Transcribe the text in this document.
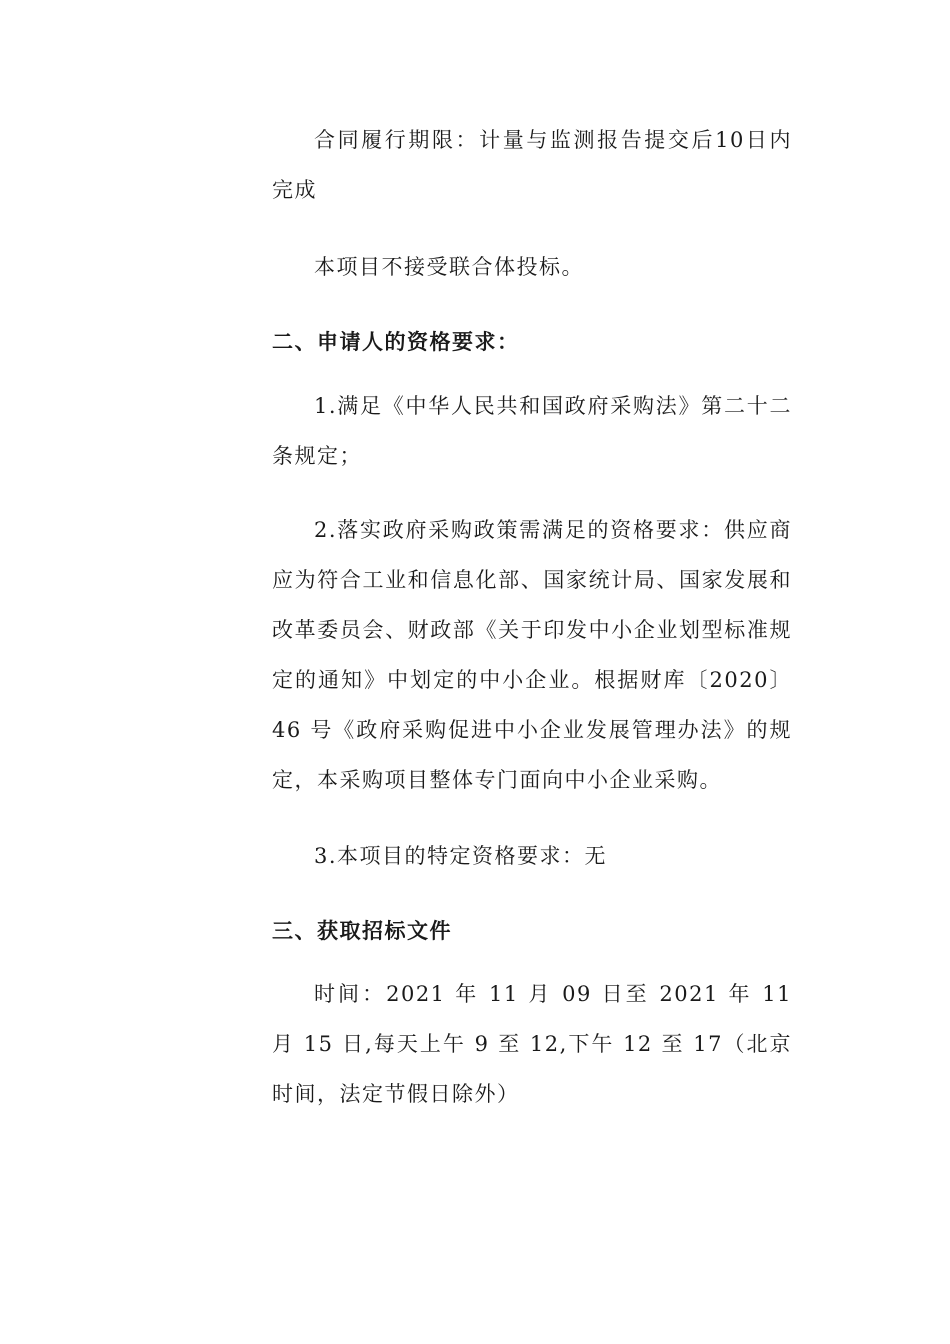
合同履行期限：计量与监测报告提交后10日内完成

本项目不接受联合体投标。

二、申请人的资格要求：

1.满足《中华人民共和国政府采购法》第二十二条规定；

2.落实政府采购政策需满足的资格要求：供应商应为符合工业和信息化部、国家统计局、国家发展和改革委员会、财政部《关于印发中小企业划型标准规定的通知》中划定的中小企业。根据财库〔2020〕46 号《政府采购促进中小企业发展管理办法》的规定，本采购项目整体专门面向中小企业采购。

3.本项目的特定资格要求：无

三、获取招标文件

时间：2021 年 11 月 09 日至 2021 年 11 月 15 日,每天上午 9 至 12,下午 12 至 17（北京时间，法定节假日除外）
